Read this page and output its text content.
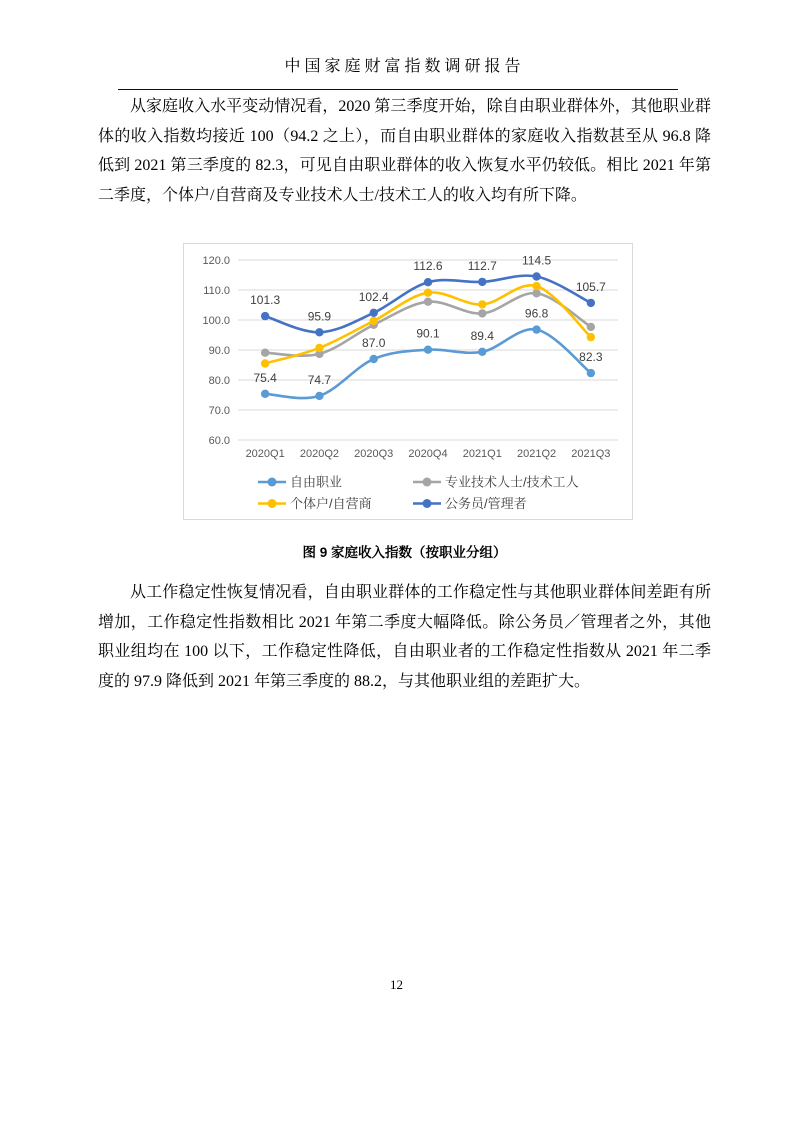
中国家庭财富指数调研报告

从家庭收入水平变动情况看，2020 第三季度开始，除自由职业群体外，其他职业群体的收入指数均接近 100（94.2 之上），而自由职业群体的家庭收入指数甚至从 96.8 降低到 2021 第三季度的 82.3，可见自由职业群体的收入恢复水平仍较低。相比 2021 年第二季度，个体户/自营商及专业技术人士/技术工人的收入均有所下降。

120.0
110.0
100.0
90.0
80.0
70.0
60.0
2020Q1 2020Q2 2020Q3 2020Q4 2021Q1 2021Q2 2021Q3
75.4	74.7
87.0
90.1	89.4
96.8
82.3
101.3
95.9
102.4
112.6 112.7 114.5
105.7
自由职业	专业技术人士/技术工人
个体户/自营商	公务员/管理者
图 9 家庭收入指数（按职业分组）

从工作稳定性恢复情况看，自由职业群体的工作稳定性与其他职业群体间差距有所增加，工作稳定性指数相比 2021 年第二季度大幅降低。除公务员／管理者之外，其他职业组均在 100 以下，工作稳定性降低，自由职业者的工作稳定性指数从 2021 年二季度的 97.9 降低到 2021 年第三季度的 88.2，与其他职业组的差距扩大。

12
